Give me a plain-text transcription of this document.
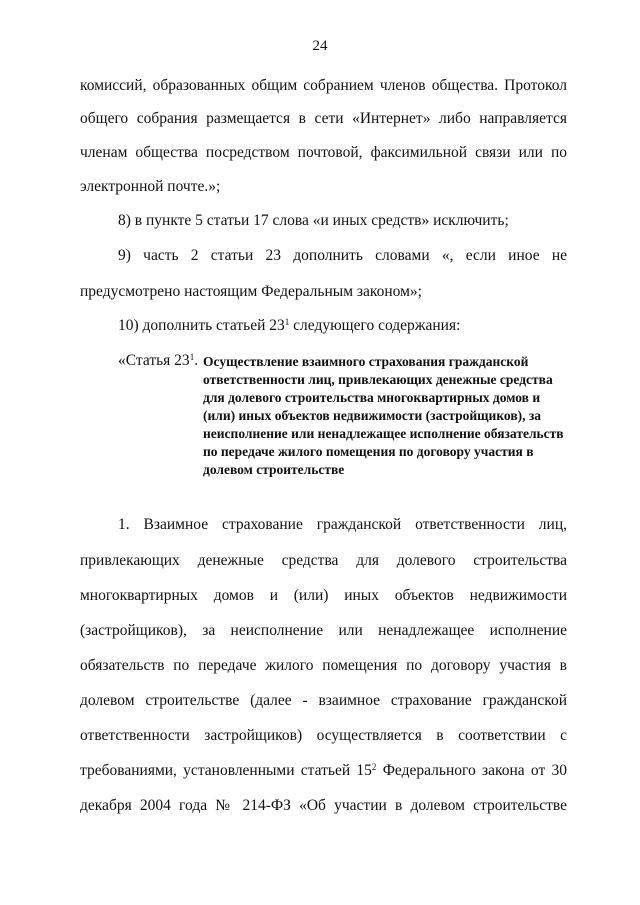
24
комиссий, образованных общим собранием членов общества. Протокол
общего собрания размещается в сети «Интернет» либо направляется
членам общества посредством почтовой, факсимильной связи или по
электронной почте.»;
8) в пункте 5 статьи 17 слова «и иных средств» исключить;
9) часть 2 статьи 23 дополнить словами «, если иное не
предусмотрено настоящим Федеральным законом»;
10) дополнить статьей $23^1$ следующего содержания:
«Статья $23^1$. Осуществление взаимного страхования гражданской ответственности лиц, привлекающих денежные средства для долевого строительства многоквартирных домов и (или) иных объектов недвижимости (застройщиков), за неисполнение или ненадлежащее исполнение обязательств по передаче жилого помещения по договору участия в долевом строительстве
1. Взаимное страхование гражданской ответственности лиц,
привлекающих денежные средства для долевого строительства
многоквартирных домов и (или) иных объектов недвижимости
(застройщиков), за неисполнение или ненадлежащее исполнение
обязательств по передаче жилого помещения по договору участия в
долевом строительстве (далее - взаимное страхование гражданской
ответственности застройщиков) осуществляется в соответствии с
требованиями, установленными статьей $15^2$ Федерального закона от 30
декабря 2004 года № 214-ФЗ «Об участии в долевом строительстве
